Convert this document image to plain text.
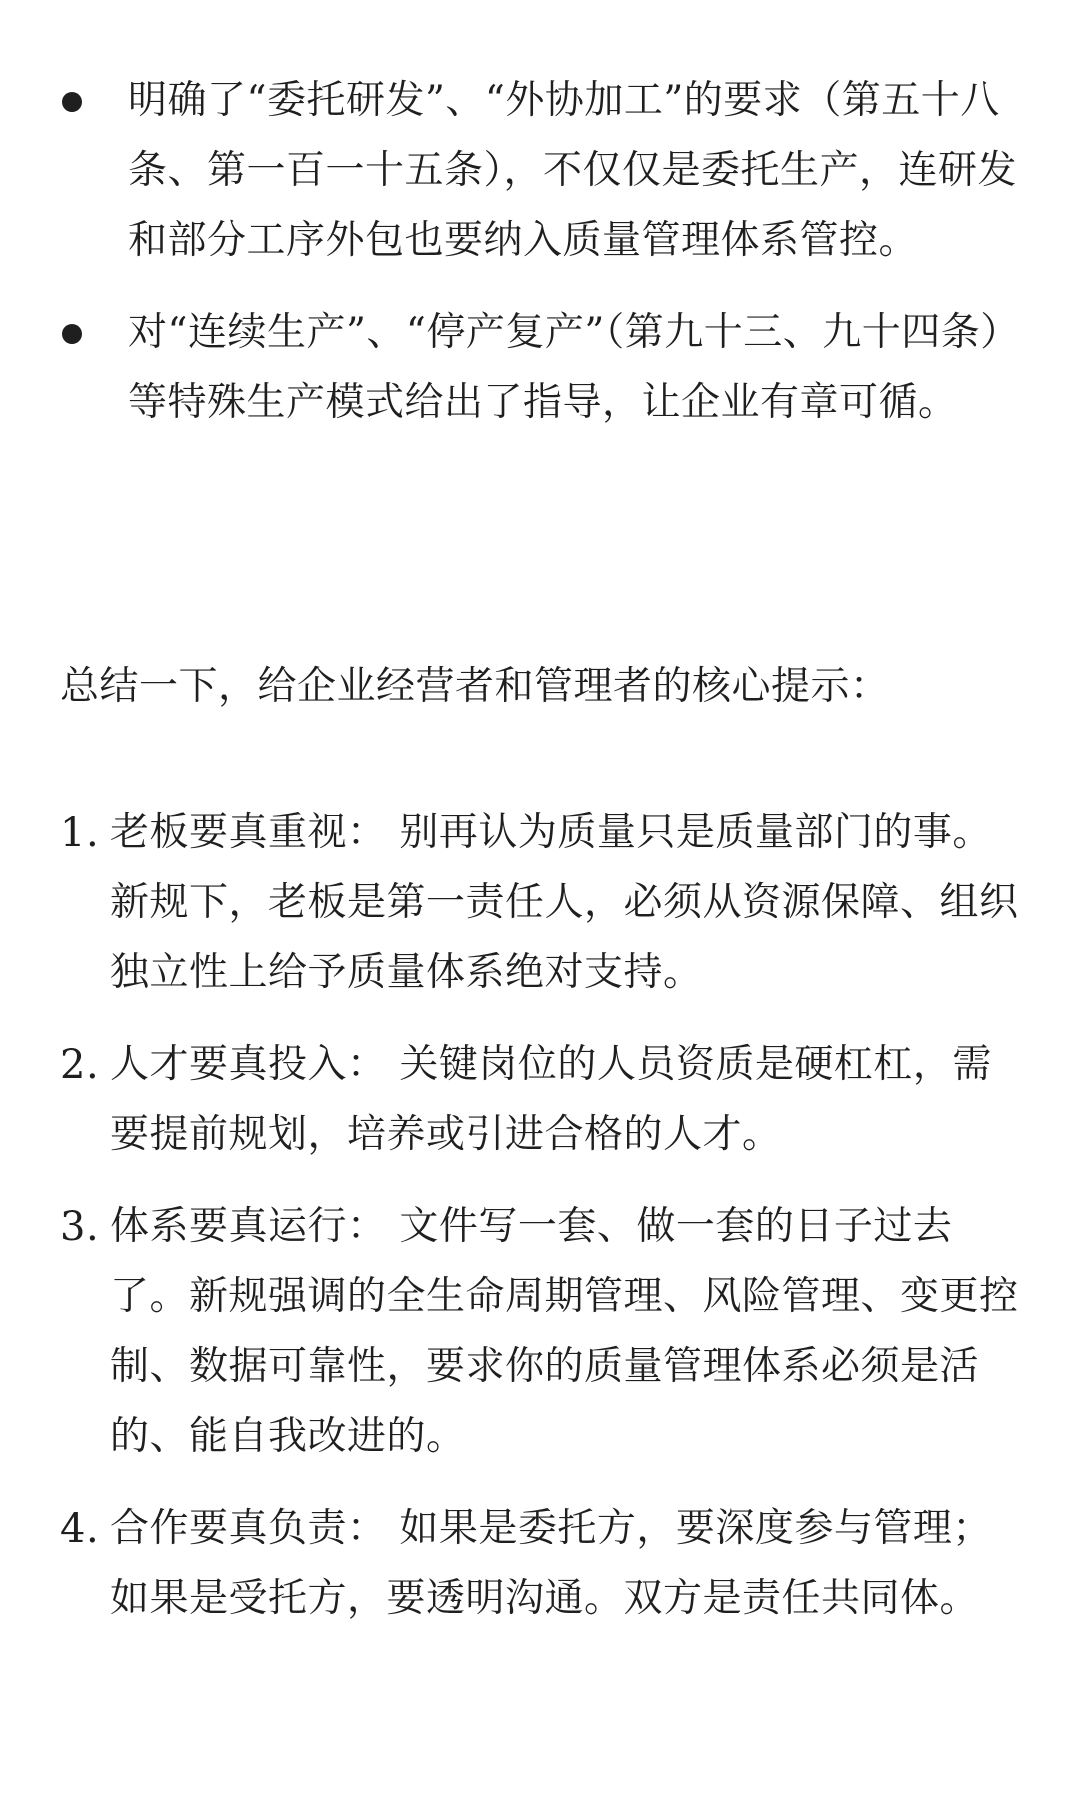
明确了“委托研发”、“外协加工”的要求（第五十八条、第一百一十五条），不仅仅是委托生产，连研发和部分工序外包也要纳入质量管理体系管控。
对“连续生产”、“停产复产”（第九十三、九十四条）等特殊生产模式给出了指导，让企业有章可循。

总结一下，给企业经营者和管理者的核心提示：

1. 老板要真重视： 别再认为质量只是质量部门的事。新规下，老板是第一责任人，必须从资源保障、组织独立性上给予质量体系绝对支持。
2. 人才要真投入： 关键岗位的人员资质是硬杠杠，需要提前规划，培养或引进合格的人才。
3. 体系要真运行： 文件写一套、做一套的日子过去了。新规强调的全生命周期管理、风险管理、变更控制、数据可靠性，要求你的质量管理体系必须是活的、能自我改进的。
4. 合作要真负责： 如果是委托方，要深度参与管理；如果是受托方，要透明沟通。双方是责任共同体。
